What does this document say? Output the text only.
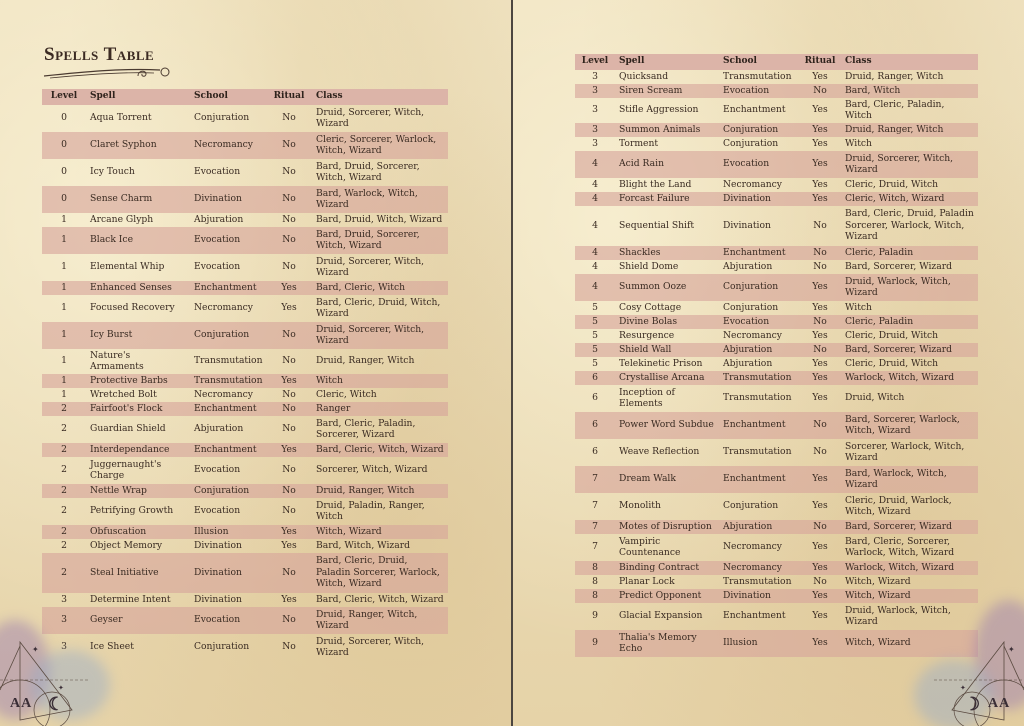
Spells Table
Level	Spell	School	Ritual	Class
0	Aqua Torrent	Conjuration	No	Druid, Sorcerer, Witch, Wizard
0	Claret Syphon	Necromancy	No	Cleric, Sorcerer, Warlock, Witch, Wizard
0	Icy Touch	Evocation	No	Bard, Druid, Sorcerer, Witch, Wizard
0	Sense Charm	Divination	No	Bard, Warlock, Witch, Wizard
1	Arcane Glyph	Abjuration	No	Bard, Druid, Witch, Wizard
1	Black Ice	Evocation	No	Bard, Druid, Sorcerer, Witch, Wizard
1	Elemental Whip	Evocation	No	Druid, Sorcerer, Witch, Wizard
1	Enhanced Senses	Enchantment	Yes	Bard, Cleric, Witch
1	Focused Recovery	Necromancy	Yes	Bard, Cleric, Druid, Witch, Wizard
1	Icy Burst	Conjuration	No	Druid, Sorcerer, Witch, Wizard
1	Nature's Armaments	Transmutation	No	Druid, Ranger, Witch
1	Protective Barbs	Transmutation	Yes	Witch
1	Wretched Bolt	Necromancy	No	Cleric, Witch
2	Fairfoot's Flock	Enchantment	No	Ranger
2	Guardian Shield	Abjuration	No	Bard, Cleric, Paladin, Sorcerer, Wizard
2	Interdependance	Enchantment	Yes	Bard, Cleric, Witch, Wizard
2	Juggernaught's Charge	Evocation	No	Sorcerer, Witch, Wizard
2	Nettle Wrap	Conjuration	No	Druid, Ranger, Witch
2	Petrifying Growth	Evocation	No	Druid, Paladin, Ranger, Witch
2	Obfuscation	Illusion	Yes	Witch, Wizard
2	Object Memory	Divination	Yes	Bard, Witch, Wizard
2	Steal Initiative	Divination	No	Bard, Cleric, Druid, Paladin Sorcerer, Warlock, Witch, Wizard
3	Determine Intent	Divination	Yes	Bard, Cleric, Witch, Wizard
3	Geyser	Evocation	No	Druid, Ranger, Witch, Wizard
3	Ice Sheet	Conjuration	No	Druid, Sorcerer, Witch, Wizard
✦
✦
AA ☾
Level	Spell	School	Ritual	Class
3	Quicksand	Transmutation	Yes	Druid, Ranger, Witch
3	Siren Scream	Evocation	No	Bard, Witch
3	Stifle Aggression	Enchantment	Yes	Bard, Cleric, Paladin, Witch
3	Summon Animals	Conjuration	Yes	Druid, Ranger, Witch
3	Torment	Conjuration	Yes	Witch
4	Acid Rain	Evocation	Yes	Druid, Sorcerer, Witch, Wizard
4	Blight the Land	Necromancy	Yes	Cleric, Druid, Witch
4	Forcast Failure	Divination	Yes	Cleric, Witch, Wizard
4	Sequential Shift	Divination	No	Bard, Cleric, Druid, Paladin Sorcerer, Warlock, Witch, Wizard
4	Shackles	Enchantment	No	Cleric, Paladin
4	Shield Dome	Abjuration	No	Bard, Sorcerer, Wizard
4	Summon Ooze	Conjuration	Yes	Druid, Warlock, Witch, Wizard
5	Cosy Cottage	Conjuration	Yes	Witch
5	Divine Bolas	Evocation	No	Cleric, Paladin
5	Resurgence	Necromancy	Yes	Cleric, Druid, Witch
5	Shield Wall	Abjuration	No	Bard, Sorcerer, Wizard
5	Telekinetic Prison	Abjuration	Yes	Cleric, Druid, Witch
6	Crystallise Arcana	Transmutation	Yes	Warlock, Witch, Wizard
6	Inception of Elements	Transmutation	Yes	Druid, Witch
6	Power Word Subdue	Enchantment	No	Bard, Sorcerer, Warlock, Witch, Wizard
6	Weave Reflection	Transmutation	No	Sorcerer, Warlock, Witch, Wizard
7	Dream Walk	Enchantment	Yes	Bard, Warlock, Witch, Wizard
7	Monolith	Conjuration	Yes	Cleric, Druid, Warlock, Witch, Wizard
7	Motes of Disruption	Abjuration	No	Bard, Sorcerer, Wizard
7	Vampiric Countenance	Necromancy	Yes	Bard, Cleric, Sorcerer, Warlock, Witch, Wizard
8	Binding Contract	Necromancy	Yes	Warlock, Witch, Wizard
8	Planar Lock	Transmutation	No	Witch, Wizard
8	Predict Opponent	Divination	Yes	Witch, Wizard
9	Glacial Expansion	Enchantment	Yes	Druid, Warlock, Witch, Wizard
9	Thalia's Memory Echo	Illusion	Yes	Witch, Wizard
✦
✦
AA
☽
